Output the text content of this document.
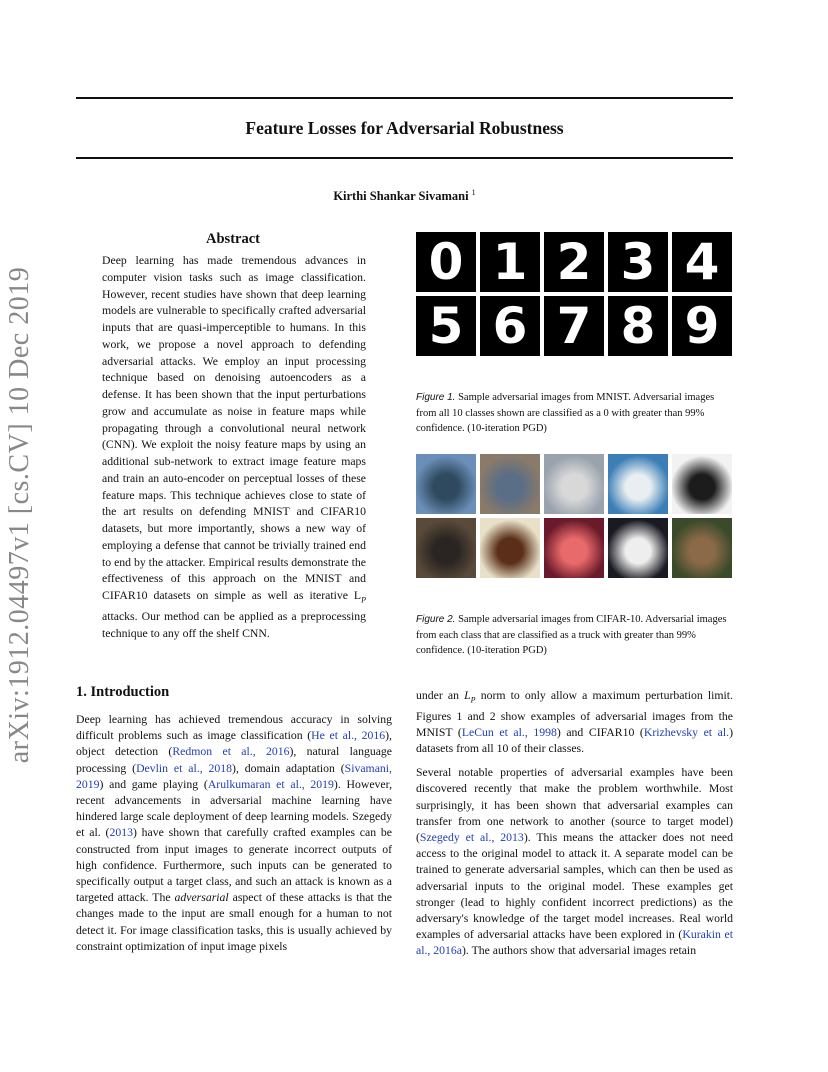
Feature Losses for Adversarial Robustness
Kirthi Shankar Sivamani $^1$
arXiv:1912.04497v1 [cs.CV] 10 Dec 2019
Abstract
Deep learning has made tremendous advances in computer vision tasks such as image classification. However, recent studies have shown that deep learning models are vulnerable to specifically crafted adversarial inputs that are quasi-imperceptible to humans. In this work, we propose a novel approach to defending adversarial attacks. We employ an input processing technique based on denoising autoencoders as a defense. It has been shown that the input perturbations grow and accumulate as noise in feature maps while propagating through a convolutional neural network (CNN). We exploit the noisy feature maps by using an additional sub-network to extract image feature maps and train an auto-encoder on perceptual losses of these feature maps. This technique achieves close to state of the art results on defending MNIST and CIFAR10 datasets, but more importantly, shows a new way of employing a defense that cannot be trivially trained end to end by the attacker. Empirical results demonstrate the effectiveness of this approach on the MNIST and CIFAR10 datasets on simple as well as iterative $L_P$ attacks. Our method can be applied as a preprocessing technique to any off the shelf CNN.
0 1 2 3 4
5 6 7 8 9
Figure 1. Sample adversarial images from MNIST. Adversarial images from all 10 classes shown are classified as a 0 with greater than 99% confidence. (10-iteration PGD)
Figure 2. Sample adversarial images from CIFAR-10. Adversarial images from each class that are classified as a truck with greater than 99% confidence. (10-iteration PGD)
1. Introduction
Deep learning has achieved tremendous accuracy in solving difficult problems such as image classification (He et al., 2016), object detection (Redmon et al., 2016), natural language processing (Devlin et al., 2018), domain adaptation (Sivamani, 2019) and game playing (Arulkumaran et al., 2019). However, recent advancements in adversarial machine learning have hindered large scale deployment of deep learning models. Szegedy et al. (2013) have shown that carefully crafted examples can be constructed from input images to generate incorrect outputs of high confidence. Furthermore, such inputs can be generated to specifically output a target class, and such an attack is known as a targeted attack. The adversarial aspect of these attacks is that the changes made to the input are small enough for a human to not detect it. For image classification tasks, this is usually achieved by constraint optimization of input image pixels

under an $L_P$ norm to only allow a maximum perturbation limit. Figures 1 and 2 show examples of adversarial images from the MNIST (LeCun et al., 1998) and CIFAR10 (Krizhevsky et al.) datasets from all 10 of their classes.

Several notable properties of adversarial examples have been discovered recently that make the problem worthwhile. Most surprisingly, it has been shown that adversarial examples can transfer from one network to another (source to target model) (Szegedy et al., 2013). This means the attacker does not need access to the original model to attack it. A separate model can be trained to generate adversarial samples, which can then be used as adversarial inputs to the original model. These examples get stronger (lead to highly confident incorrect predictions) as the adversary's knowledge of the target model increases. Real world examples of adversarial attacks have been explored in (Kurakin et al., 2016a). The authors show that adversarial images retain
